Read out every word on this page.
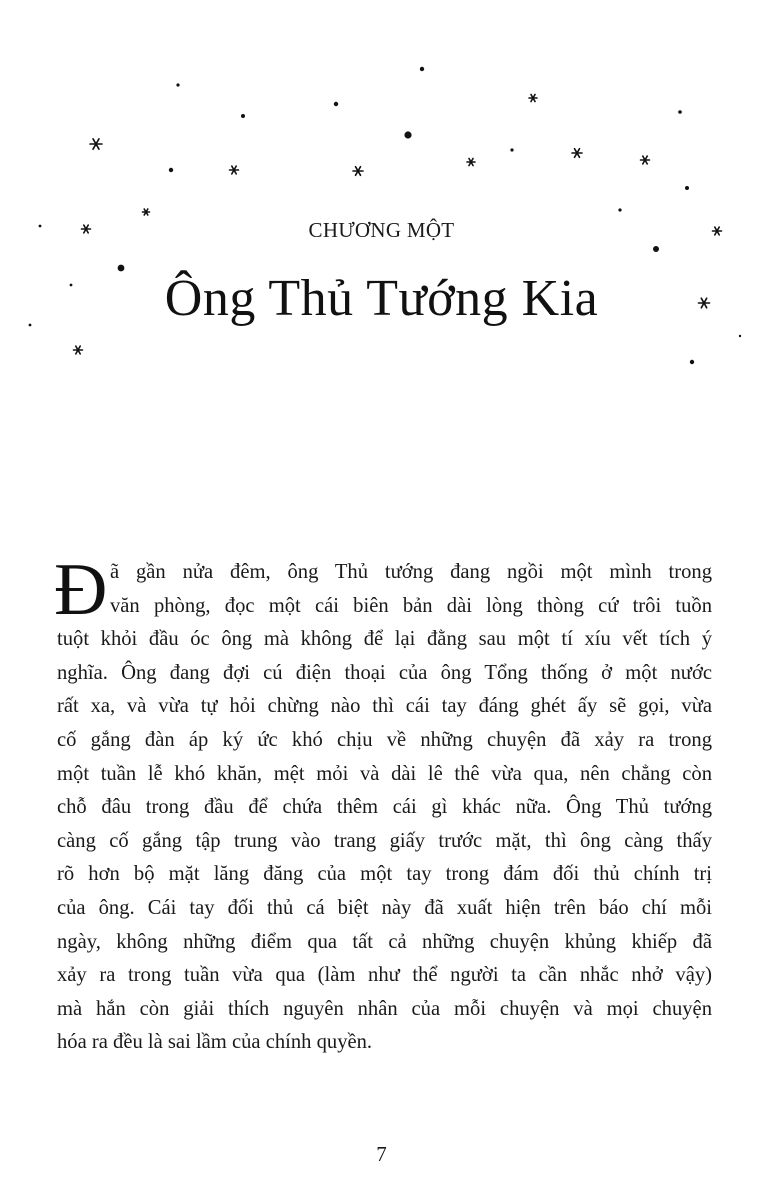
CHƯƠNG MỘT
Ông Thủ Tướng Kia
Đ ã gần nửa đêm, ông Thủ tướng đang ngồi một mình trong
văn phòng, đọc một cái biên bản dài lòng thòng cứ trôi tuồn
tuột khỏi đầu óc ông mà không để lại đằng sau một tí xíu vết tích ý
nghĩa. Ông đang đợi cú điện thoại của ông Tổng thống ở một nước
rất xa, và vừa tự hỏi chừng nào thì cái tay đáng ghét ấy sẽ gọi, vừa
cố gắng đàn áp ký ức khó chịu về những chuyện đã xảy ra trong
một tuần lễ khó khăn, mệt mỏi và dài lê thê vừa qua, nên chẳng còn
chỗ đâu trong đầu để chứa thêm cái gì khác nữa. Ông Thủ tướng
càng cố gắng tập trung vào trang giấy trước mặt, thì ông càng thấy
rõ hơn bộ mặt lăng đăng của một tay trong đám đối thủ chính trị
của ông. Cái tay đối thủ cá biệt này đã xuất hiện trên báo chí mỗi
ngày, không những điểm qua tất cả những chuyện khủng khiếp đã
xảy ra trong tuần vừa qua (làm như thể người ta cần nhắc nhở vậy)
mà hắn còn giải thích nguyên nhân của mỗi chuyện và mọi chuyện
hóa ra đều là sai lầm của chính quyền.
7
